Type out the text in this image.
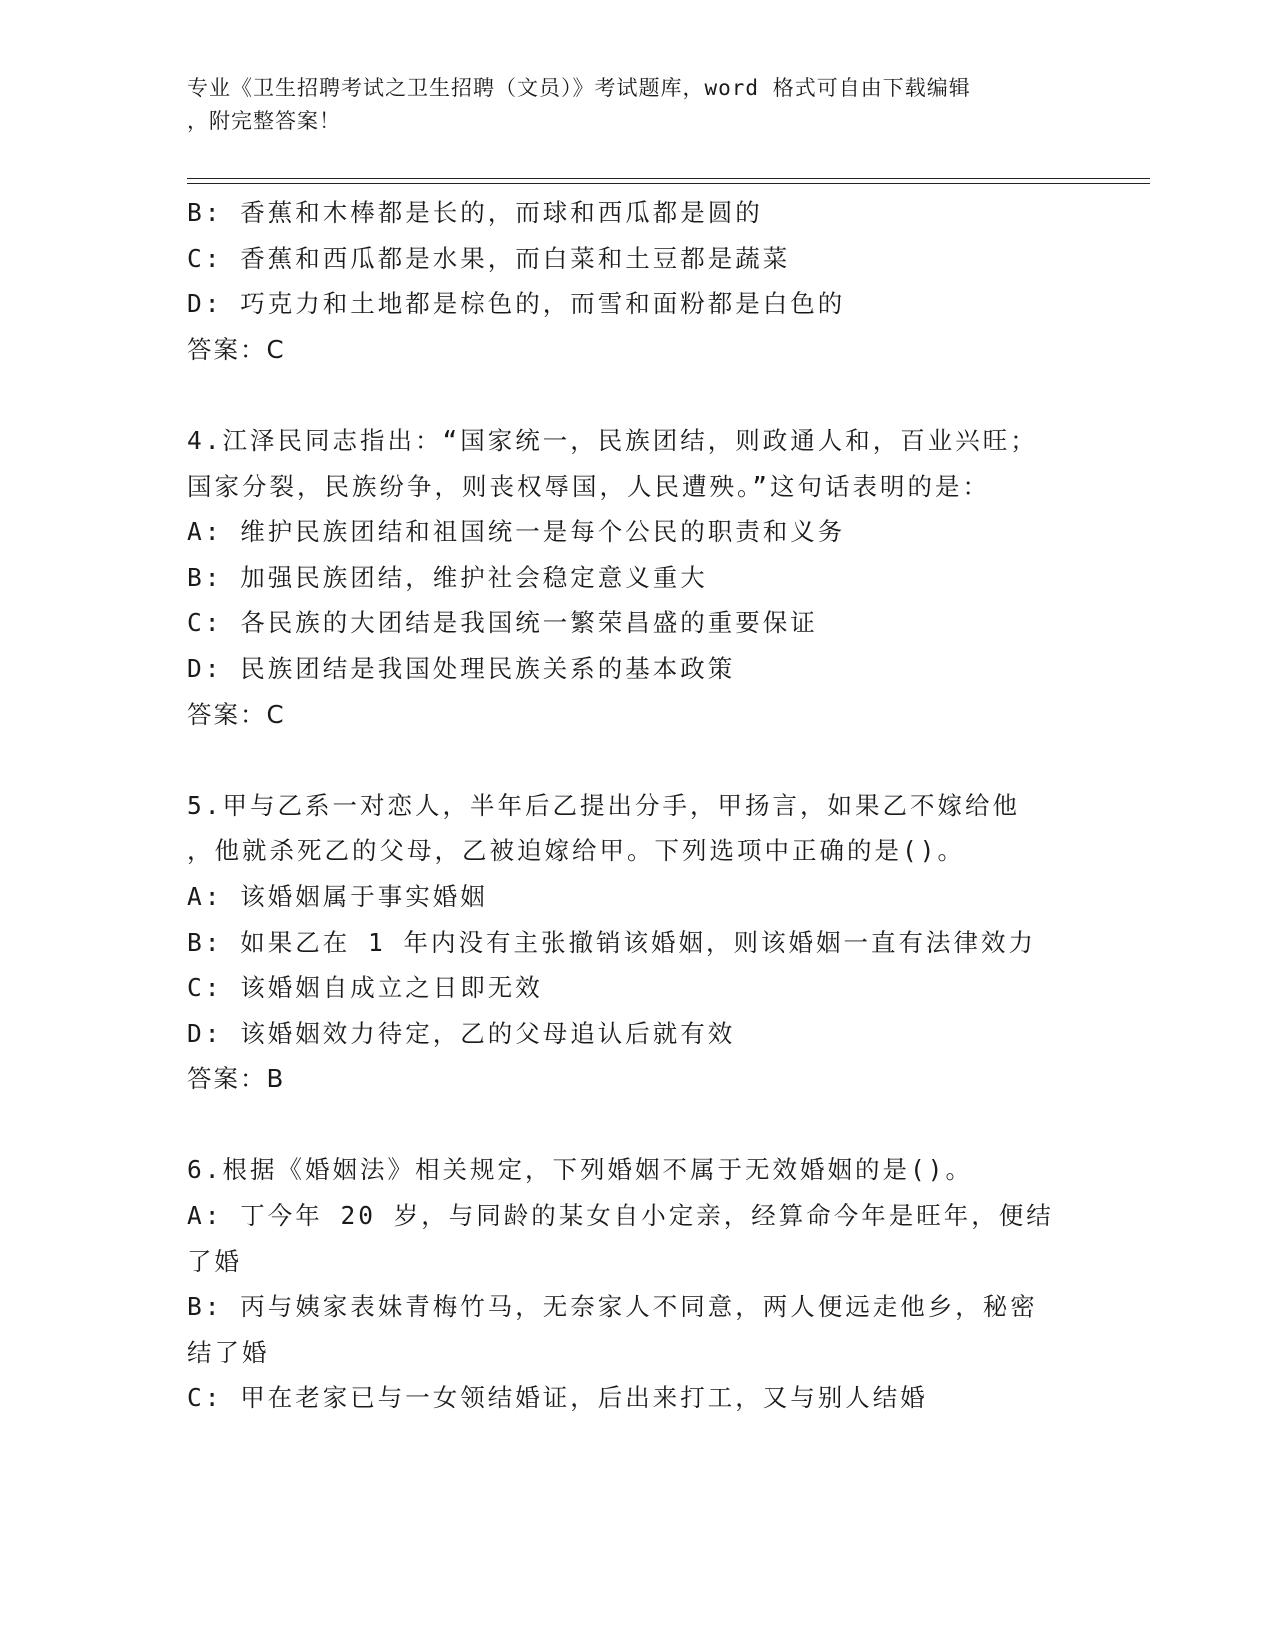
专业《卫生招聘考试之卫生招聘（文员）》考试题库，word 格式可自由下载编辑
，附完整答案！
B: 香蕉和木棒都是长的，而球和西瓜都是圆的
C: 香蕉和西瓜都是水果，而白菜和土豆都是蔬菜
D: 巧克力和土地都是棕色的，而雪和面粉都是白色的
答案：C
4.江泽民同志指出：“国家统一，民族团结，则政通人和，百业兴旺；
国家分裂，民族纷争，则丧权辱国，人民遭殃。”这句话表明的是：
A: 维护民族团结和祖国统一是每个公民的职责和义务
B: 加强民族团结，维护社会稳定意义重大
C: 各民族的大团结是我国统一繁荣昌盛的重要保证
D: 民族团结是我国处理民族关系的基本政策
答案：C
5.甲与乙系一对恋人，半年后乙提出分手，甲扬言，如果乙不嫁给他
，他就杀死乙的父母，乙被迫嫁给甲。下列选项中正确的是()。
A: 该婚姻属于事实婚姻
B: 如果乙在 1 年内没有主张撤销该婚姻，则该婚姻一直有法律效力
C: 该婚姻自成立之日即无效
D: 该婚姻效力待定，乙的父母追认后就有效
答案：B
6.根据《婚姻法》相关规定，下列婚姻不属于无效婚姻的是()。
A: 丁今年 20 岁，与同龄的某女自小定亲，经算命今年是旺年，便结
了婚
B: 丙与姨家表妹青梅竹马，无奈家人不同意，两人便远走他乡，秘密
结了婚
C: 甲在老家已与一女领结婚证，后出来打工，又与别人结婚
